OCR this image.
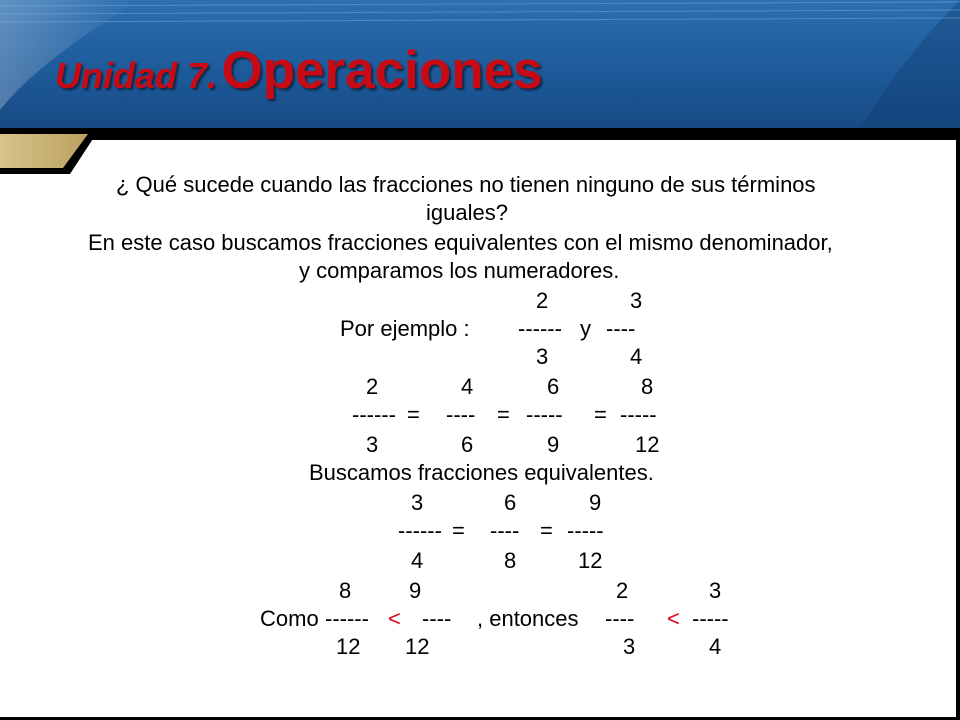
Unidad 7. Operaciones
¿ Qué sucede cuando las fracciones no tienen ninguno de sus términos
iguales?
En este caso buscamos fracciones equivalentes con el mismo denominador,
y comparamos los numeradores.
2	3
Por ejemplo : ------ y ----
3	4
2	4	6	8
------ = ---- = ----- = -----
3	6	9	12
Buscamos fracciones equivalentes.
3	6	9
------ = ---- = -----
4	8	12
8	9	2	3
Como ------ < ---- , entonces ---- < -----
12 12	3	4
